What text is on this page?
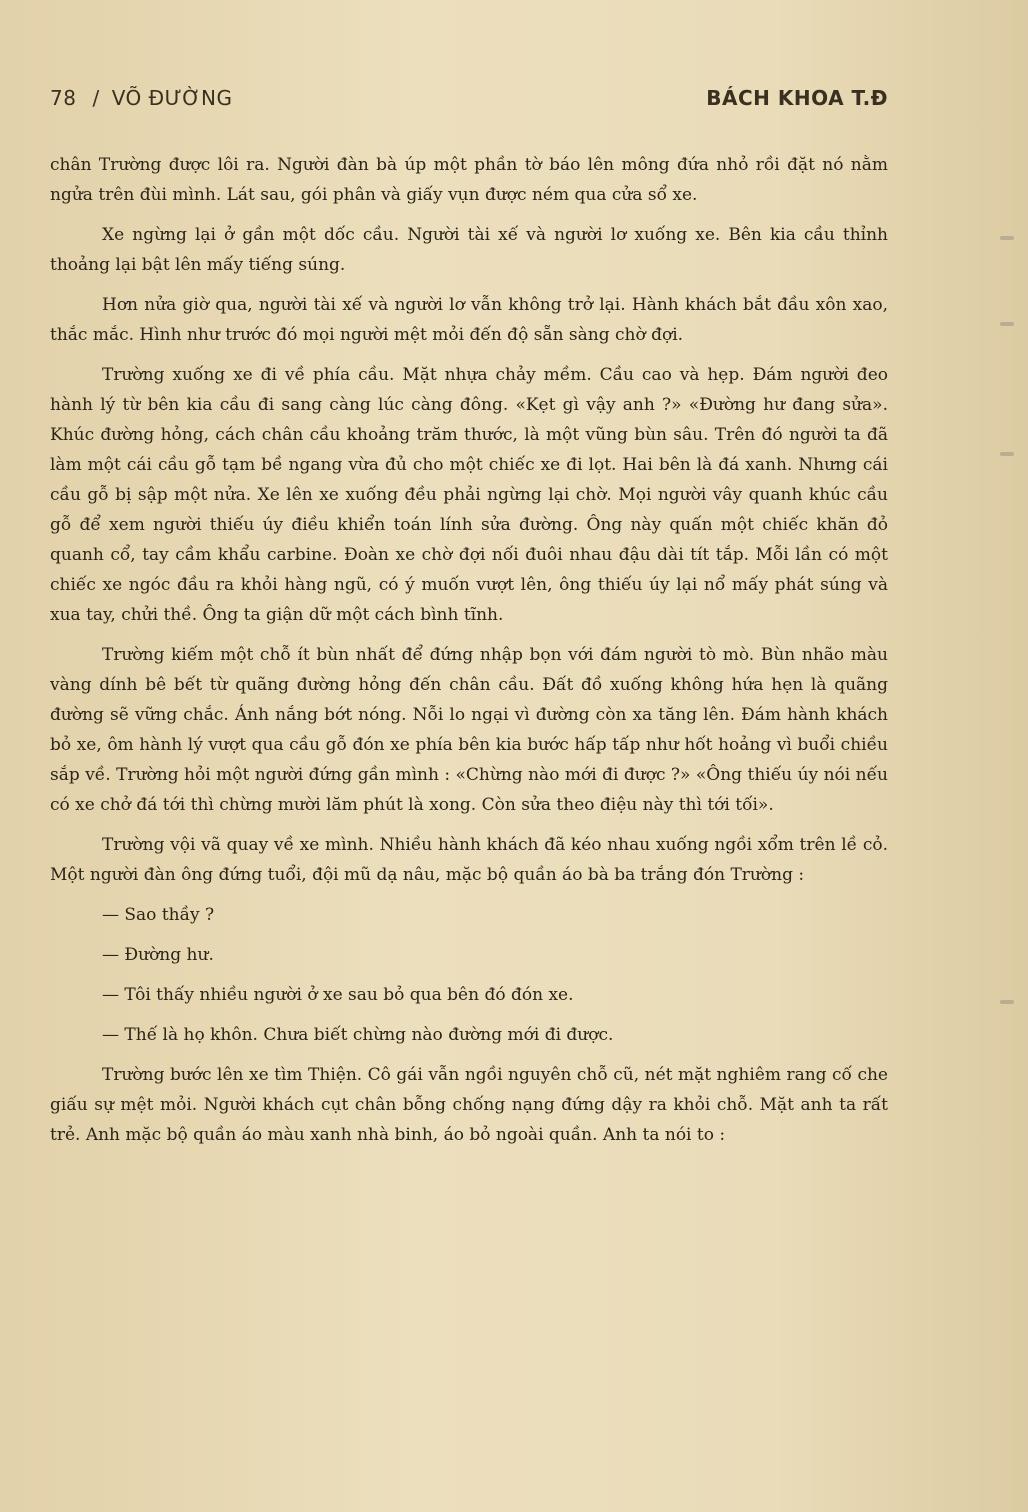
78 / VÕ ĐƯỜNG	BÁCH KHOA T.Đ

chân Trường được lôi ra. Người đàn bà úp một phần tờ báo lên mông đứa nhỏ rồi đặt nó nằm ngửa trên đùi mình. Lát sau, gói phân và giấy vụn được ném qua cửa sổ xe.

Xe ngừng lại ở gần một dốc cầu. Người tài xế và người lơ xuống xe. Bên kia cầu thỉnh thoảng lại bật lên mấy tiếng súng.

Hơn nửa giờ qua, người tài xế và người lơ vẫn không trở lại. Hành khách bắt đầu xôn xao, thắc mắc. Hình như trước đó mọi người mệt mỏi đến độ sẵn sàng chờ đợi.

Trường xuống xe đi về phía cầu. Mặt nhựa chảy mềm. Cầu cao và hẹp. Đám người đeo hành lý từ bên kia cầu đi sang càng lúc càng đông. «Kẹt gì vậy anh ?» «Đường hư đang sửa». Khúc đường hỏng, cách chân cầu khoảng trăm thước, là một vũng bùn sâu. Trên đó người ta đã làm một cái cầu gỗ tạm bề ngang vừa đủ cho một chiếc xe đi lọt. Hai bên là đá xanh. Nhưng cái cầu gỗ bị sập một nửa. Xe lên xe xuống đều phải ngừng lại chờ. Mọi người vây quanh khúc cầu gỗ để xem người thiếu úy điều khiển toán lính sửa đường. Ông này quấn một chiếc khăn đỏ quanh cổ, tay cầm khẩu carbine. Đoàn xe chờ đợi nối đuôi nhau đậu dài tít tắp. Mỗi lần có một chiếc xe ngóc đầu ra khỏi hàng ngũ, có ý muốn vượt lên, ông thiếu úy lại nổ mấy phát súng và xua tay, chửi thề. Ông ta giận dữ một cách bình tĩnh.

Trường kiếm một chỗ ít bùn nhất để đứng nhập bọn với đám người tò mò. Bùn nhão màu vàng dính bê bết từ quãng đường hỏng đến chân cầu. Đất đồ xuống không hứa hẹn là quãng đường sẽ vững chắc. Ánh nắng bớt nóng. Nỗi lo ngại vì đường còn xa tăng lên. Đám hành khách bỏ xe, ôm hành lý vượt qua cầu gỗ đón xe phía bên kia bước hấp tấp như hốt hoảng vì buổi chiều sắp về. Trường hỏi một người đứng gần mình : «Chừng nào mới đi được ?» «Ông thiếu úy nói nếu có xe chở đá tới thì chừng mười lăm phút là xong. Còn sửa theo điệu này thì tới tối».

Trường vội vã quay về xe mình. Nhiều hành khách đã kéo nhau xuống ngồi xổm trên lề cỏ. Một người đàn ông đứng tuổi, đội mũ dạ nâu, mặc bộ quần áo bà ba trắng đón Trường :

— Sao thầy ?

— Đường hư.

— Tôi thấy nhiều người ở xe sau bỏ qua bên đó đón xe.

— Thế là họ khôn. Chưa biết chừng nào đường mới đi được.

Trường bước lên xe tìm Thiện. Cô gái vẫn ngồi nguyên chỗ cũ, nét mặt nghiêm rang cố che giấu sự mệt mỏi. Người khách cụt chân bỗng chống nạng đứng dậy ra khỏi chỗ. Mặt anh ta rất trẻ. Anh mặc bộ quần áo màu xanh nhà binh, áo bỏ ngoài quần. Anh ta nói to :
